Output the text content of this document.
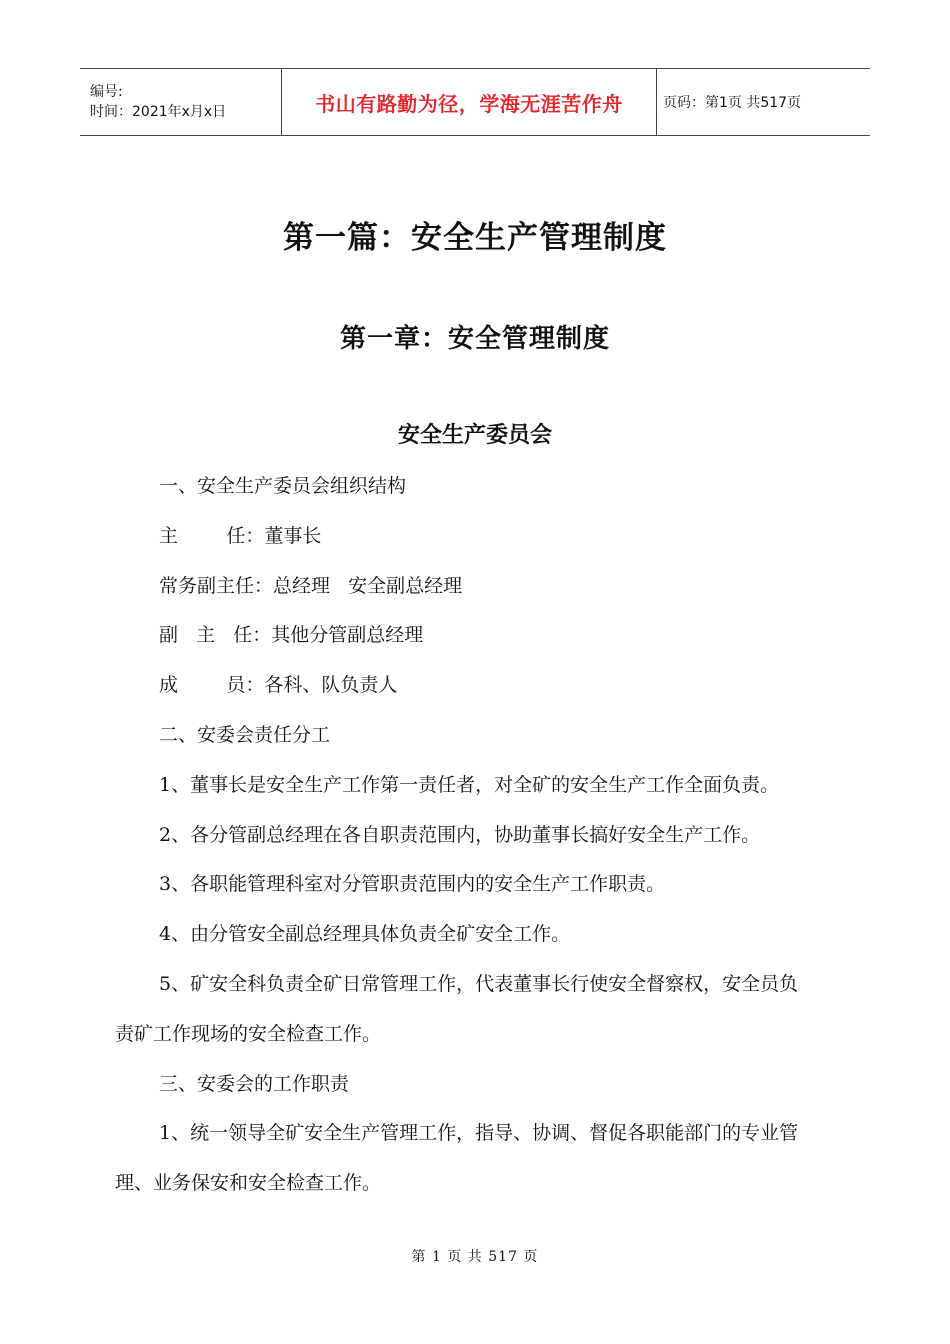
编号:
时间：2021年x月x日	书山有路勤为径，学海无涯苦作舟	页码：第1页 共517页
第一篇：安全生产管理制度
第一章：安全管理制度
安全生产委员会
一、安全生产委员会组织结构
主        任：董事长
常务副主任：总经理   安全副总经理
副   主   任：其他分管副总经理
成        员：各科、队负责人
二、安委会责任分工
1、董事长是安全生产工作第一责任者，对全矿的安全生产工作全面负责。
2、各分管副总经理在各自职责范围内，协助董事长搞好安全生产工作。
3、各职能管理科室对分管职责范围内的安全生产工作职责。
4、由分管安全副总经理具体负责全矿安全工作。
5、矿安全科负责全矿日常管理工作，代表董事长行使安全督察权，安全员负
责矿工作现场的安全检查工作。
三、安委会的工作职责
1、统一领导全矿安全生产管理工作，指导、协调、督促各职能部门的专业管
理、业务保安和安全检查工作。
第 1 页 共 517 页
